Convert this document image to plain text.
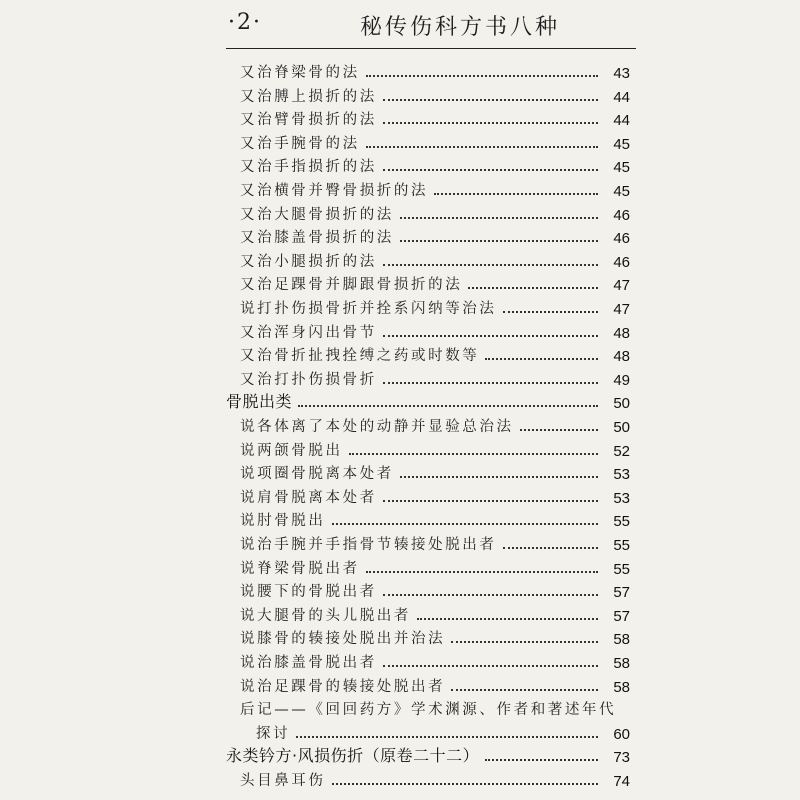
·2·	秘传伤科方书八种
又治脊梁骨的法	43
又治膊上损折的法	44
又治臂骨损折的法	44
又治手腕骨的法	45
又治手指损折的法	45
又治横骨并臀骨损折的法	45
又治大腿骨损折的法	46
又治膝盖骨损折的法	46
又治小腿损折的法	46
又治足踝骨并脚跟骨损折的法	47
说打扑伤损骨折并拴系闪纳等治法	47
又治浑身闪出骨节	48
又治骨折扯拽拴缚之药或时数等	48
又治打扑伤损骨折	49
骨脱出类	50
说各体离了本处的动静并显验总治法	50
说两颌骨脱出	52
说项圈骨脱离本处者	53
说肩骨脱离本处者	53
说肘骨脱出	55
说治手腕并手指骨节辏接处脱出者	55
说脊梁骨脱出者	55
说腰下的骨脱出者	57
说大腿骨的头儿脱出者	57
说膝骨的辏接处脱出并治法	58
说治膝盖骨脱出者	58
说治足踝骨的辏接处脱出者	58
后记——《回回药方》学术渊源、作者和著述年代
探讨	60
永类钤方·风损伤折（原卷二十二）	73
头目鼻耳伤	74
